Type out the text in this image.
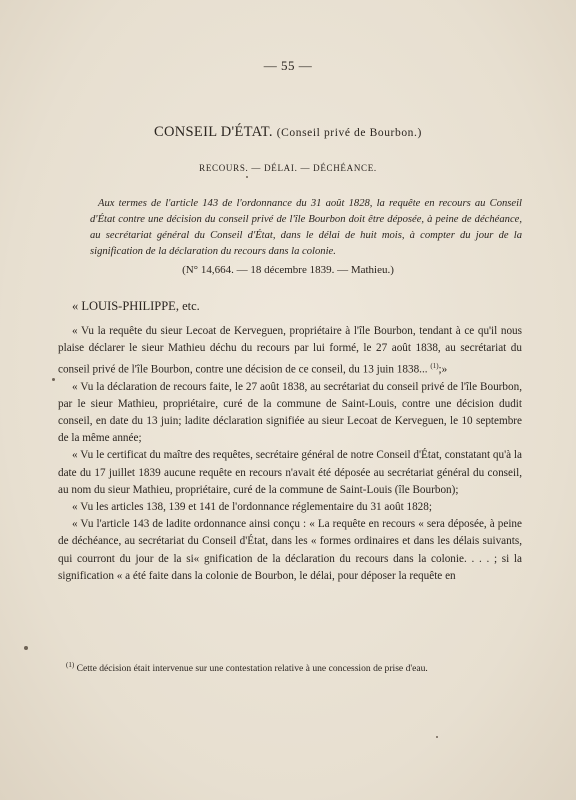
— 55 —
CONSEIL D'ÉTAT. (Conseil privé de Bourbon.)
RECOURS. — DÉLAI. — DÉCHÉANCE.
Aux termes de l'article 143 de l'ordonnance du 31 août 1828, la requête en recours au Conseil d'État contre une décision du conseil privé de l'île Bourbon doit être déposée, à peine de déchéance, au secrétariat général du Conseil d'État, dans le délai de huit mois, à compter du jour de la signification de la déclaration du recours dans la colonie.
(N° 14,664. — 18 décembre 1839. — Mathieu.)

« LOUIS-PHILIPPE, etc.

« Vu la requête du sieur Lecoat de Kerveguen, propriétaire à l'île Bourbon, tendant à ce qu'il nous plaise déclarer le sieur Mathieu déchu du recours par lui formé, le 27 août 1838, au secrétariat du conseil privé de l'île Bourbon, contre une décision de ce conseil, du 13 juin 1838... $^{(1)}$;»

« Vu la déclaration de recours faite, le 27 août 1838, au secrétariat du conseil privé de l'île Bourbon, par le sieur Mathieu, propriétaire, curé de la commune de Saint-Louis, contre une décision dudit conseil, en date du 13 juin; ladite déclaration signifiée au sieur Lecoat de Kerveguen, le 10 septembre de la même année;

« Vu le certificat du maître des requêtes, secrétaire général de notre Conseil d'État, constatant qu'à la date du 17 juillet 1839 aucune requête en recours n'avait été déposée au secrétariat général du conseil, au nom du sieur Mathieu, propriétaire, curé de la commune de Saint-Louis (île Bourbon);

« Vu les articles 138, 139 et 141 de l'ordonnance réglementaire du 31 août 1828;

« Vu l'article 143 de ladite ordonnance ainsi conçu : « La requête en recours « sera déposée, à peine de déchéance, au secrétariat du Conseil d'État, dans les « formes ordinaires et dans les délais suivants, qui courront du jour de la si« gnification de la déclaration du recours dans la colonie. . . . ; si la signification « a été faite dans la colonie de Bourbon, le délai, pour déposer la requête en

$^{(1)}$ Cette décision était intervenue sur une contestation relative à une concession de prise d'eau.
